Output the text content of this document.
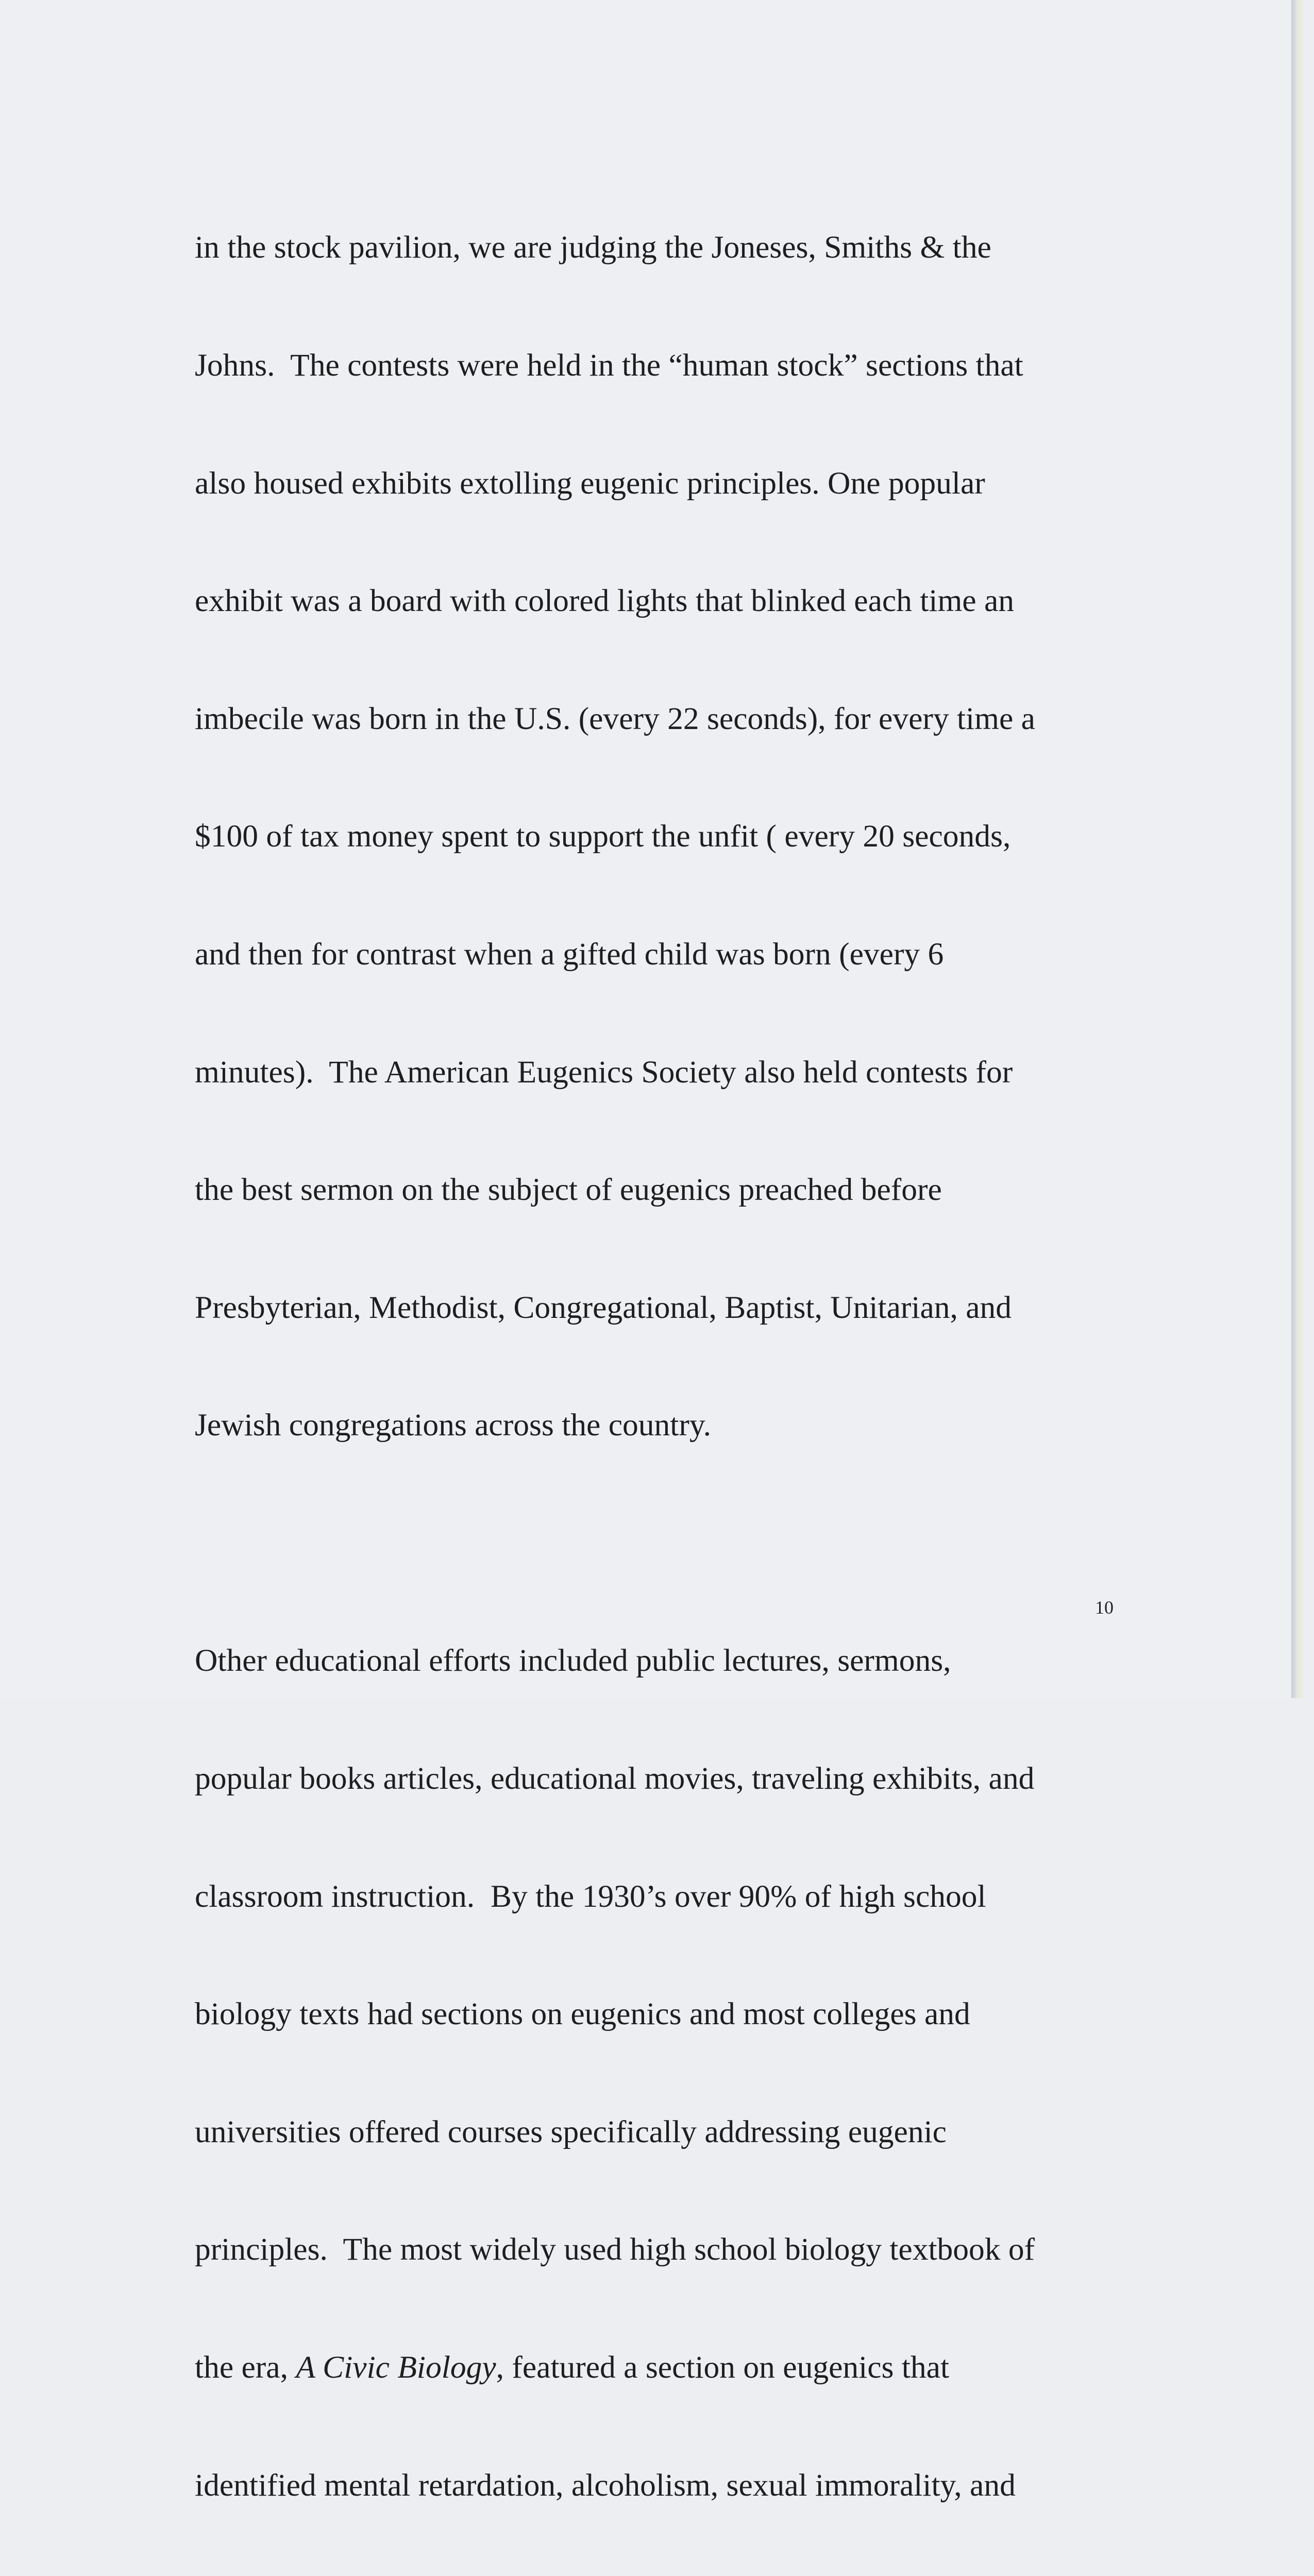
in the stock pavilion, we are judging the Joneses, Smiths & the

Johns.  The contests were held in the “human stock” sections that

also housed exhibits extolling eugenic principles. One popular

exhibit was a board with colored lights that blinked each time an

imbecile was born in the U.S. (every 22 seconds), for every time a

$100 of tax money spent to support the unfit ( every 20 seconds,

and then for contrast when a gifted child was born (every 6

minutes).  The American Eugenics Society also held contests for

the best sermon on the subject of eugenics preached before

Presbyterian, Methodist, Congregational, Baptist, Unitarian, and

Jewish congregations across the country.

Other educational efforts included public lectures, sermons,

popular books articles, educational movies, traveling exhibits, and

classroom instruction.  By the 1930’s over 90% of high school

biology texts had sections on eugenics and most colleges and

universities offered courses specifically addressing eugenic

principles.  The most widely used high school biology textbook of

the era, A Civic Biology, featured a section on eugenics that

identified mental retardation, alcoholism, sexual immorality, and

10
